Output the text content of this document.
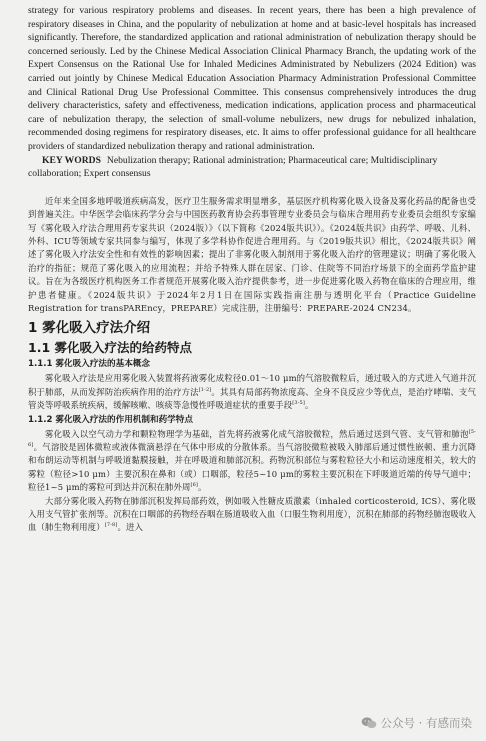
strategy for various respiratory problems and diseases. In recent years, there has been a high prevalence of respiratory diseases in China, and the popularity of nebulization at home and at basic-level hospitals has increased significantly. Therefore, the standardized application and rational administration of nebulization therapy should be concerned seriously. Led by the Chinese Medical Association Clinical Pharmacy Branch, the updating work of the Expert Consensus on the Rational Use for Inhaled Medicines Administrated by Nebulizers (2024 Edition) was carried out jointly by Chinese Medical Education Association Pharmacy Administration Professional Committee and Clinical Rational Drug Use Professional Committee. This consensus comprehensively introduces the drug delivery characteristics, safety and effectiveness, medication indications, application process and pharmaceutical care of nebulization therapy, the selection of small-volume nebulizers, new drugs for nebulized inhalation, recommended dosing regimens for respiratory diseases, etc. It aims to offer professional guidance for all healthcare providers of standardized nebulization therapy and rational administration.

KEY WORDS Nebulization therapy; Rational administration; Pharmaceutical care; Multidisciplinary collaboration; Expert consensus

近年来全国多地呼吸道疾病高发，医疗卫生服务需求明显增多，基层医疗机构雾化吸入设备及雾化药品的配备也受到普遍关注。中华医学会临床药学分会与中国医药教育协会药事管理专业委员会与临床合理用药专业委员会组织专家编写《雾化吸入疗法合理用药专家共识（2024版）》（以下简称《2024版共识》）。《2024版共识》由药学、呼吸、儿科、外科、ICU等领域专家共同参与编写，体现了多学科协作促进合理用药。与《2019版共识》相比，《2024版共识》阐述了雾化吸入疗法安全性和有效性的影响因素；提出了非雾化吸入制剂用于雾化吸入治疗的管理建议；明确了雾化吸入治疗的指征；规范了雾化吸入的应用流程；并给予特殊人群在居家、门诊、住院等不同治疗场景下的全面药学监护建议。旨在为各级医疗机构医务工作者规范开展雾化吸入治疗提供参考，进一步促进雾化吸入药物在临床的合理应用，维护患者健康。《2024版共识》于2024年2月1日在国际实践指南注册与透明化平台（Practice Guideline Registration for transPAREncy，PREPARE）完成注册，注册编号：PREPARE-2024 CN234。

1 雾化吸入疗法介绍
1.1 雾化吸入疗法的给药特点
1.1.1 雾化吸入疗法的基本概念

雾化吸入疗法是应用雾化吸入装置将药液雾化成粒径0.01～10 μm的气溶胶微粒后，通过吸入的方式进入气道并沉积于肺部，从而发挥防治疾病作用的治疗方法[1-2]。其具有局部药物浓度高、全身不良反应少等优点，是治疗哮喘、支气管炎等呼吸系统疾病，缓解咳嗽、咳痰等急慢性呼吸道症状的重要手段[3-5]。

1.1.2 雾化吸入疗法的作用机制和药学特点

雾化吸入以空气动力学和颗粒物理学为基础，首先将药液雾化成气溶胶微粒，然后通过送到气管、支气管和肺泡[5-6]。气溶胶是固体微粒或液体微滴悬浮在气体中形成的分散体系。当气溶胶微粒被吸入肺部后通过惯性嵌顿、重力沉降和布朗运动等机制与呼吸道黏膜接触，并在呼吸道和肺部沉积。药物沉积部位与雾粒粒径大小和运动速度相关，较大的雾粒（粒径>10 μm）主要沉积在鼻和（或）口咽部，粒径5~10 μm的雾粒主要沉积在下呼吸道近端的传导气道中；粒径1~5 μm的雾粒可到达并沉积在肺外周[6]。

大部分雾化吸入药物在肺部沉积发挥局部药效，例如吸入性糖皮质激素（inhaled corticosteroid, ICS）、雾化吸入用支气管扩张剂等。沉积在口咽部的药物经吞咽在肠道吸收入血（口服生物利用度），沉积在肺部的药物经肺泡吸收入血（肺生物利用度）[7-8]。进入

公众号 · 有感而染
